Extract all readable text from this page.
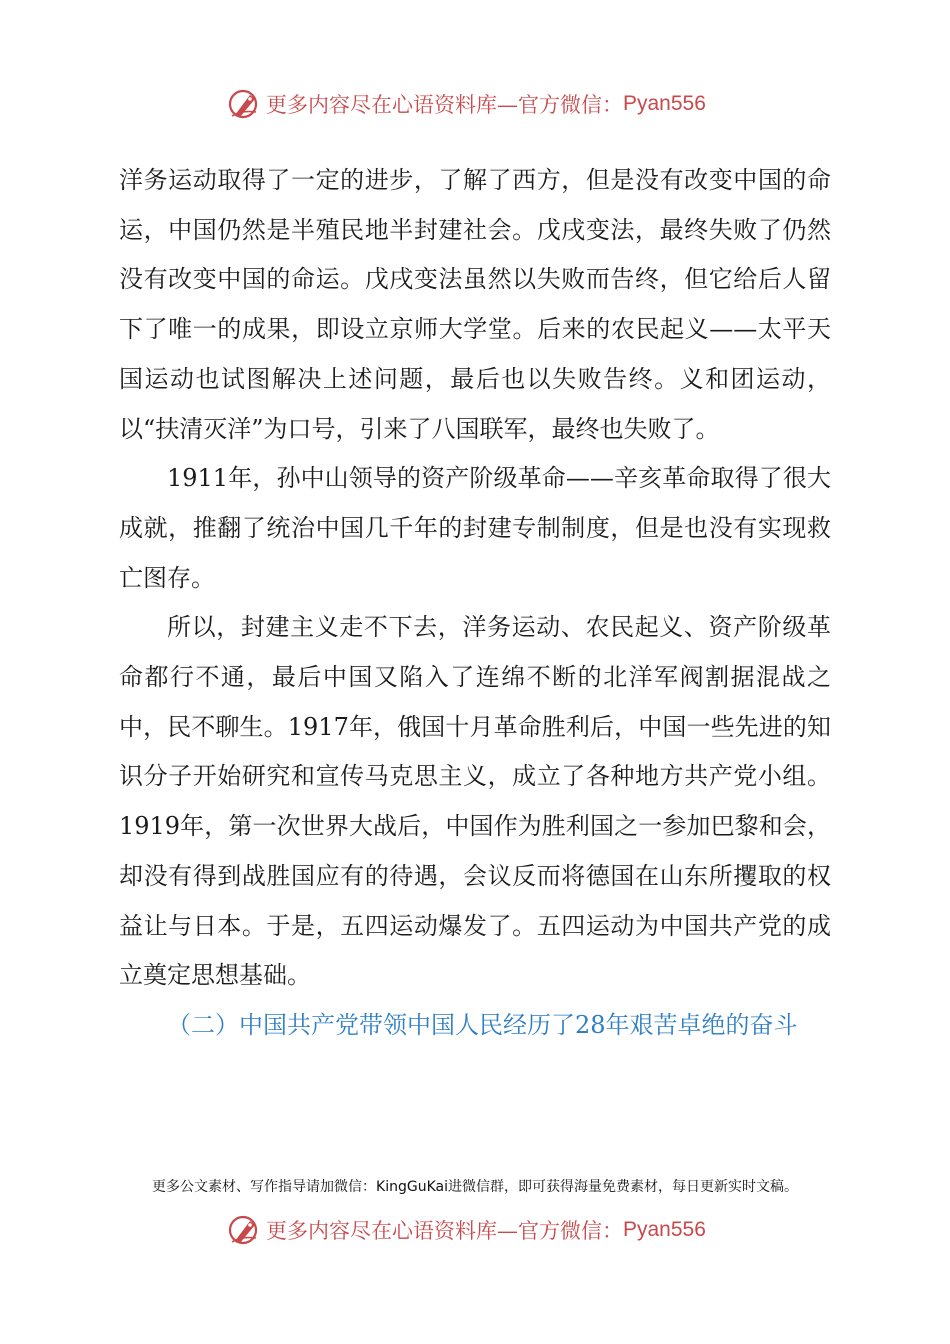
更多内容尽在心语资料库—官方微信： Pyan556

洋务运动取得了一定的进步，了解了西方，但是没有改变中国的命运，中国仍然是半殖民地半封建社会。戊戌变法，最终失败了仍然没有改变中国的命运。戊戌变法虽然以失败而告终，但它给后人留下了唯一的成果，即设立京师大学堂。后来的农民起义——太平天国运动也试图解决上述问题，最后也以失败告终。义和团运动，以“扶清灭洋”为口号，引来了八国联军，最终也失败了。

1911年，孙中山领导的资产阶级革命——辛亥革命取得了很大成就，推翻了统治中国几千年的封建专制制度，但是也没有实现救亡图存。

所以，封建主义走不下去，洋务运动、农民起义、资产阶级革命都行不通，最后中国又陷入了连绵不断的北洋军阀割据混战之中，民不聊生。1917年，俄国十月革命胜利后，中国一些先进的知识分子开始研究和宣传马克思主义，成立了各种地方共产党小组。1919年，第一次世界大战后，中国作为胜利国之一参加巴黎和会，却没有得到战胜国应有的待遇，会议反而将德国在山东所攫取的权益让与日本。于是，五四运动爆发了。五四运动为中国共产党的成立奠定思想基础。

（二）中国共产党带领中国人民经历了28年艰苦卓绝的奋斗

更多公文素材、写作指导请加微信：KingGuKai进微信群，即可获得海量免费素材，每日更新实时文稿。
更多内容尽在心语资料库—官方微信： Pyan556
